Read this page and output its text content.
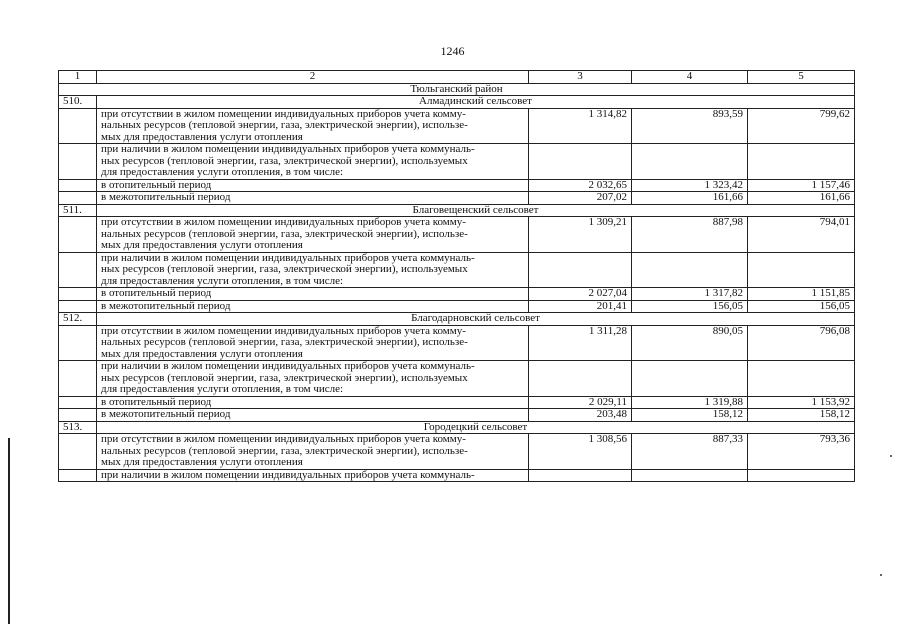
1246
1	2	3	4	5
Тюльганский район				
510.	Алмадинский сельсовет			

	при отсутствии в жилом помещении индивидуальных приборов учета комму-
нальных ресурсов (тепловой энергии, газа, электрической энергии), использе-
мых для предоставления услуги отопления	1 314,82	893,59	799,62

	при наличии в жилом помещении индивидуальных приборов учета коммуналь-
ных ресурсов (тепловой энергии, газа, электрической энергии), используемых
для предоставления услуги отопления, в том числе:			

	в отопительный период	2 032,65	1 323,42	1 157,46
	в межотопительный период	207,02	161,66	161,66
511.	Благовещенский сельсовет			

	при отсутствии в жилом помещении индивидуальных приборов учета комму-
нальных ресурсов (тепловой энергии, газа, электрической энергии), использе-
мых для предоставления услуги отопления	1 309,21	887,98	794,01

	при наличии в жилом помещении индивидуальных приборов учета коммуналь-
ных ресурсов (тепловой энергии, газа, электрической энергии), используемых
для предоставления услуги отопления, в том числе:			

	в отопительный период	2 027,04	1 317,82	1 151,85
	в межотопительный период	201,41	156,05	156,05
512.	Благодарновский сельсовет			

	при отсутствии в жилом помещении индивидуальных приборов учета комму-
нальных ресурсов (тепловой энергии, газа, электрической энергии), использе-
мых для предоставления услуги отопления	1 311,28	890,05	796,08

	при наличии в жилом помещении индивидуальных приборов учета коммуналь-
ных ресурсов (тепловой энергии, газа, электрической энергии), используемых
для предоставления услуги отопления, в том числе:			

	в отопительный период	2 029,11	1 319,88	1 153,92
	в межотопительный период	203,48	158,12	158,12
513.	Городецкий сельсовет			

	при отсутствии в жилом помещении индивидуальных приборов учета комму-
нальных ресурсов (тепловой энергии, газа, электрической энергии), использе-
мых для предоставления услуги отопления	1 308,56	887,33	793,36

	при наличии в жилом помещении индивидуальных приборов учета коммуналь-			
